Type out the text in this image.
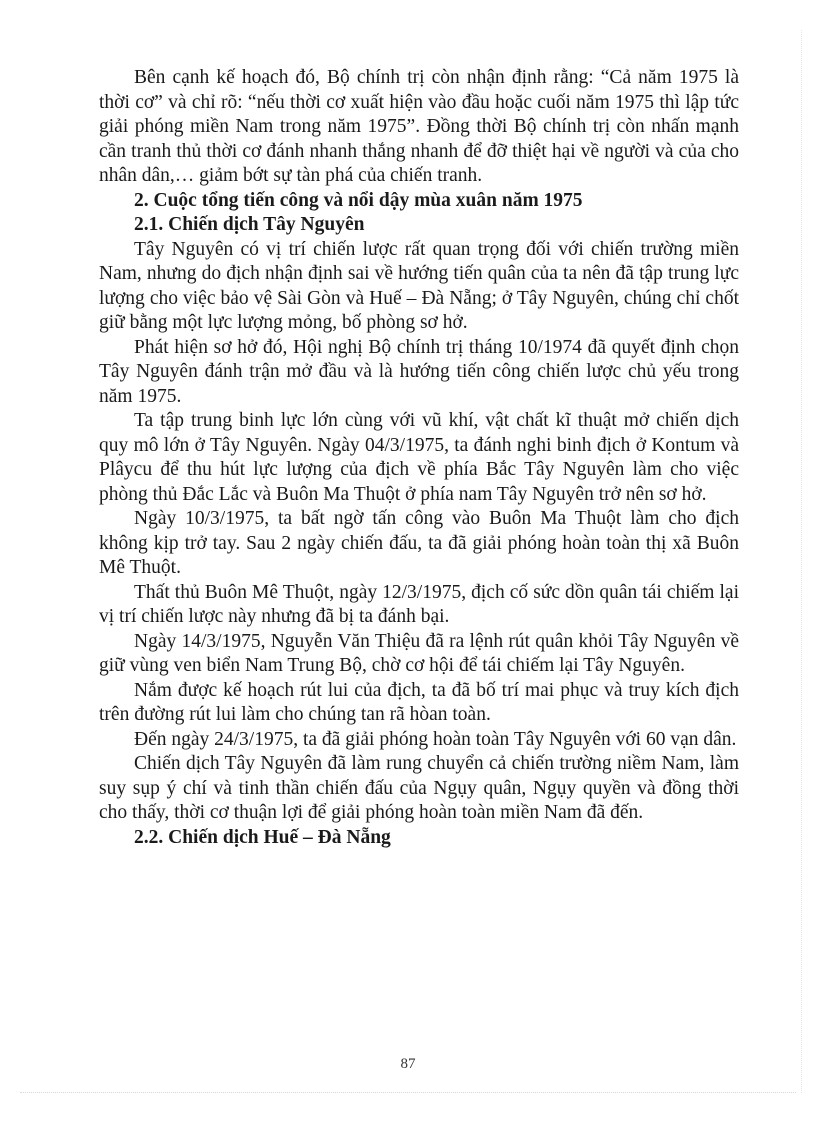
Bên cạnh kế hoạch đó, Bộ chính trị còn nhận định rằng: “Cả năm 1975 là thời cơ” và chỉ rõ: “nếu thời cơ xuất hiện vào đầu hoặc cuối năm 1975 thì lập tức giải phóng miền Nam trong năm 1975”. Đồng thời Bộ chính trị còn nhấn mạnh cần tranh thủ thời cơ đánh nhanh thắng nhanh để đỡ thiệt hại về người và của cho nhân dân,… giảm bớt sự tàn phá của chiến tranh.

2. Cuộc tổng tiến công và nổi dậy mùa xuân năm 1975

2.1. Chiến dịch Tây Nguyên

Tây Nguyên có vị trí chiến lược rất quan trọng đối với chiến trường miền Nam, nhưng do địch nhận định sai về hướng tiến quân của ta nên đã tập trung lực lượng cho việc bảo vệ Sài Gòn và Huế – Đà Nẵng; ở Tây Nguyên, chúng chỉ chốt giữ bằng một lực lượng mỏng, bố phòng sơ hở.

Phát hiện sơ hở đó, Hội nghị Bộ chính trị tháng 10/1974 đã quyết định chọn Tây Nguyên đánh trận mở đầu và là hướng tiến công chiến lược chủ yếu trong năm 1975.

Ta tập trung binh lực lớn cùng với vũ khí, vật chất kĩ thuật mở chiến dịch quy mô lớn ở Tây Nguyên. Ngày 04/3/1975, ta đánh nghi binh địch ở Kontum và Plâycu để thu hút lực lượng của địch về phía Bắc Tây Nguyên làm cho việc phòng thủ Đắc Lắc và Buôn Ma Thuột ở phía nam Tây Nguyên trở nên sơ hở.

Ngày 10/3/1975, ta bất ngờ tấn công vào Buôn Ma Thuột làm cho địch không kịp trở tay. Sau 2 ngày chiến đấu, ta đã giải phóng hoàn toàn thị xã Buôn Mê Thuột.

Thất thủ Buôn Mê Thuột, ngày 12/3/1975, địch cố sức dồn quân tái chiếm lại vị trí chiến lược này nhưng đã bị ta đánh bại.

Ngày 14/3/1975, Nguyễn Văn Thiệu đã ra lệnh rút quân khỏi Tây Nguyên về giữ vùng ven biển Nam Trung Bộ, chờ cơ hội để tái chiếm lại Tây Nguyên.

Nắm được kế hoạch rút lui của địch, ta đã bố trí mai phục và truy kích địch trên đường rút lui làm cho chúng tan rã hòan toàn.

Đến ngày 24/3/1975, ta đã giải phóng hoàn toàn Tây Nguyên với 60 vạn dân.

Chiến dịch Tây Nguyên đã làm rung chuyển cả chiến trường niềm Nam, làm suy sụp ý chí và tinh thần chiến đấu của Ngụy quân, Ngụy quyền và đồng thời cho thấy, thời cơ thuận lợi để giải phóng hoàn toàn miền Nam đã đến.

2.2. Chiến dịch Huế – Đà Nẵng

87
